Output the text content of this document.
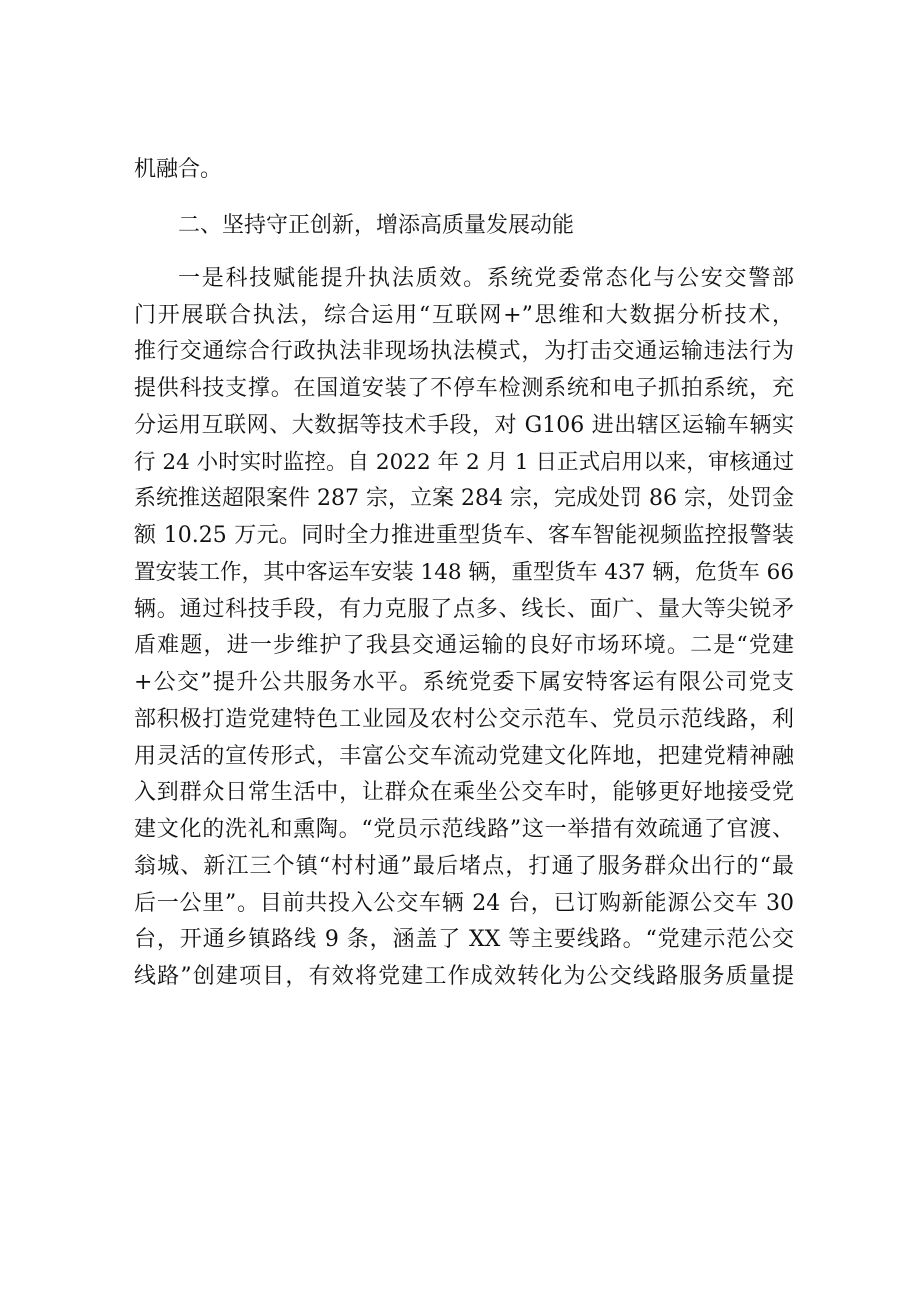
机融合。
二、坚持守正创新，增添高质量发展动能
一是科技赋能提升执法质效。系统党委常态化与公安交警部
门开展联合执法，综合运用“互联网+”思维和大数据分析技术，
推行交通综合行政执法非现场执法模式，为打击交通运输违法行为
提供科技支撑。在国道安装了不停车检测系统和电子抓拍系统，充
分运用互联网、大数据等技术手段，对 G106 进出辖区运输车辆实
行 24 小时实时监控。自 2022 年 2 月 1 日正式启用以来，审核通过
系统推送超限案件 287 宗，立案 284 宗，完成处罚 86 宗，处罚金
额 10.25 万元。同时全力推进重型货车、客车智能视频监控报警装
置安装工作，其中客运车安装 148 辆，重型货车 437 辆，危货车 66
辆。通过科技手段，有力克服了点多、线长、面广、量大等尖锐矛
盾难题，进一步维护了我县交通运输的良好市场环境。二是“党建
+公交”提升公共服务水平。系统党委下属安特客运有限公司党支
部积极打造党建特色工业园及农村公交示范车、党员示范线路，利
用灵活的宣传形式，丰富公交车流动党建文化阵地，把建党精神融
入到群众日常生活中，让群众在乘坐公交车时，能够更好地接受党
建文化的洗礼和熏陶。“党员示范线路”这一举措有效疏通了官渡、
翁城、新江三个镇“村村通”最后堵点，打通了服务群众出行的“最
后一公里”。目前共投入公交车辆 24 台，已订购新能源公交车 30
台，开通乡镇路线 9 条，涵盖了 XX 等主要线路。“党建示范公交
线路”创建项目，有效将党建工作成效转化为公交线路服务质量提
